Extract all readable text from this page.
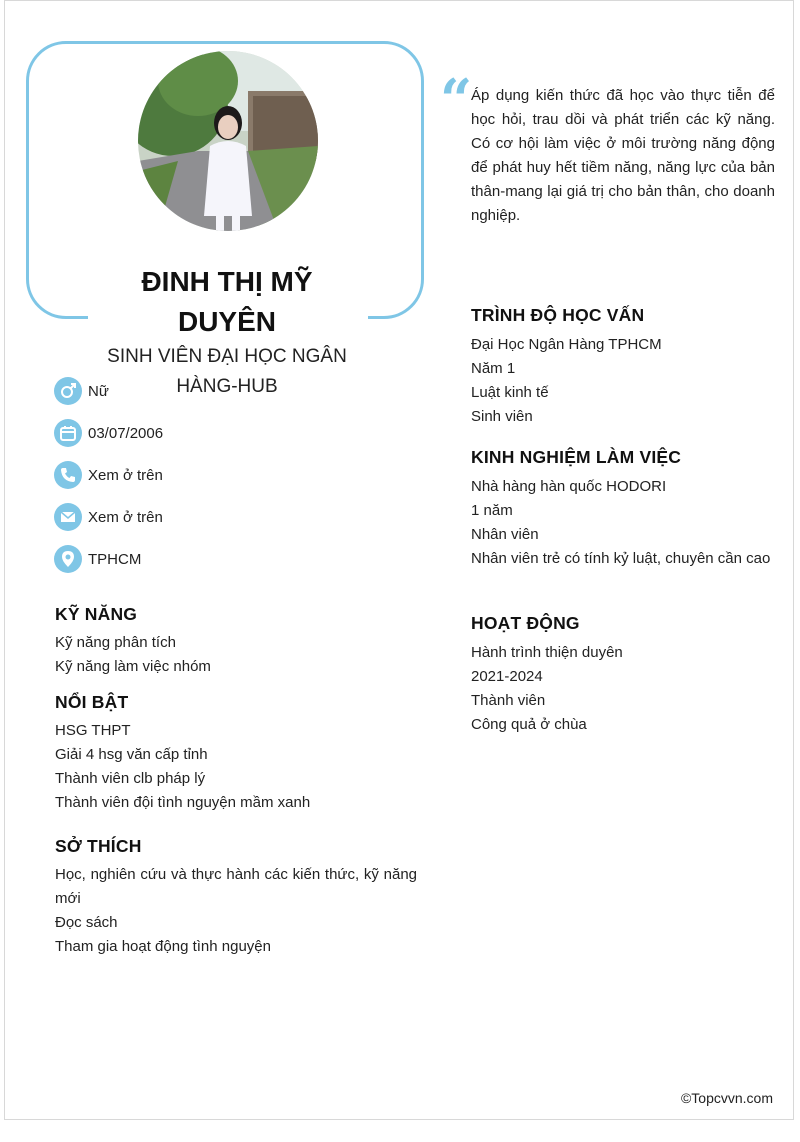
ĐINH THỊ MỸ DUYÊN
SINH VIÊN ĐẠI HỌC NGÂN HÀNG-HUB
Nữ
03/07/2006
Xem ở trên
Xem ở trên
TPHCM
KỸ NĂNG
Kỹ năng phân tích
Kỹ năng làm việc nhóm
NỔI BẬT
HSG THPT
Giải 4 hsg văn cấp tỉnh
Thành viên clb pháp lý
Thành viên đội tình nguyện mầm xanh
SỞ THÍCH
Học, nghiên cứu và thực hành các kiến thức, kỹ năng mới
Đọc sách
Tham gia hoạt động tình nguyện
“
Áp dụng kiến thức đã học vào thực tiễn để học hỏi, trau dồi và phát triển các kỹ năng. Có cơ hội làm việc ở môi trường năng động để phát huy hết tiềm năng, năng lực của bản thân-mang lại giá trị cho bản thân, cho doanh nghiệp.
TRÌNH ĐỘ HỌC VẤN
Đại Học Ngân Hàng TPHCM
Năm 1
Luật kinh tế
Sinh viên
KINH NGHIỆM LÀM VIỆC
Nhà hàng hàn quốc HODORI
1 năm
Nhân viên
Nhân viên trẻ có tính kỷ luật, chuyên cần cao
HOẠT ĐỘNG
Hành trình thiện duyên
2021-2024
Thành viên
Công quả ở chùa
©Topcvvn.com
